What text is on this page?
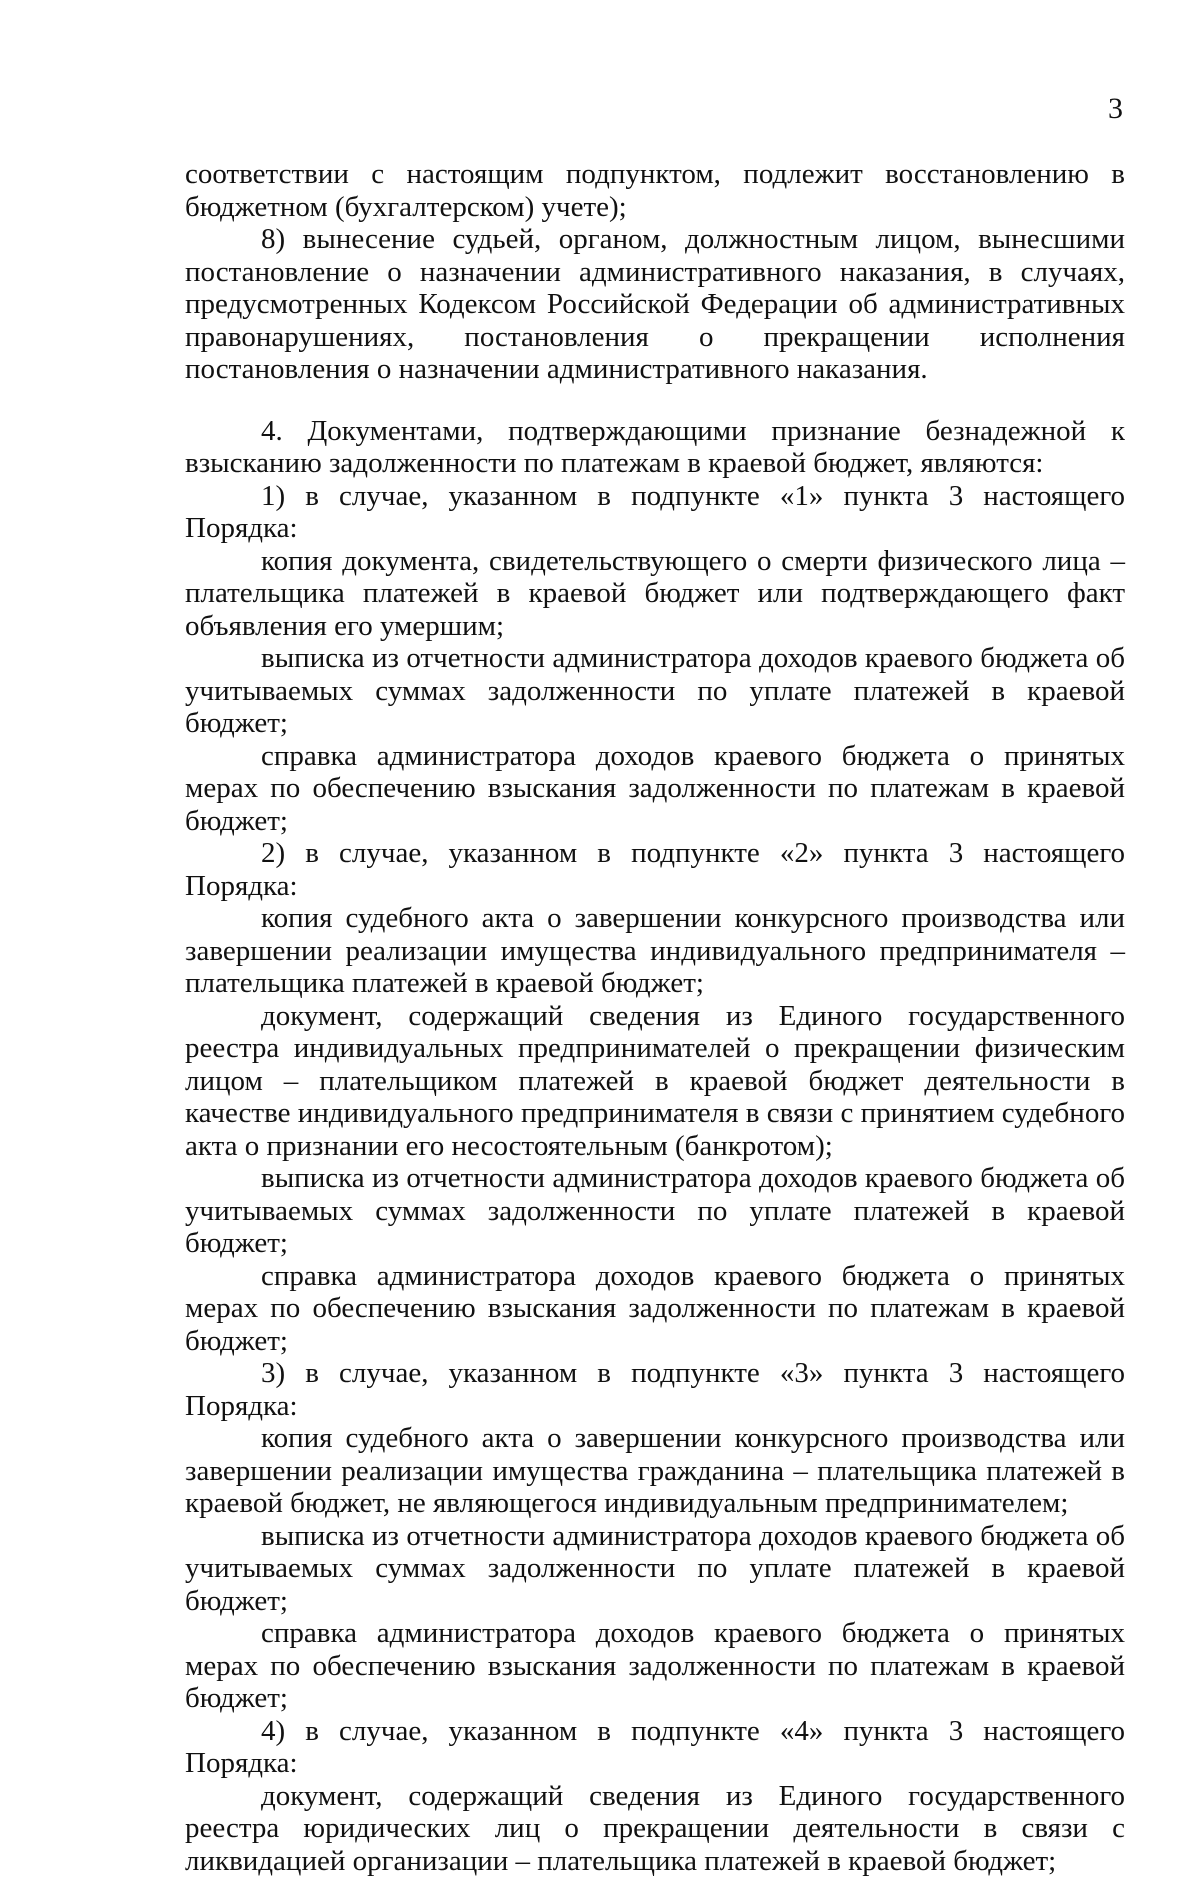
3

соответствии с настоящим подпунктом, подлежит восстановлению в бюджетном (бухгалтерском) учете);

8) вынесение судьей, органом, должностным лицом, вынесшими постановление о назначении административного наказания, в случаях, предусмотренных Кодексом Российской Федерации об административных правонарушениях, постановления о прекращении исполнения постановления о назначении административного наказания.

4. Документами, подтверждающими признание безнадежной к взысканию задолженности по платежам в краевой бюджет, являются:

1) в случае, указанном в подпункте «1» пункта 3 настоящего Порядка:

копия документа, свидетельствующего о смерти физического лица – плательщика платежей в краевой бюджет или подтверждающего факт объявления его умершим;

выписка из отчетности администратора доходов краевого бюджета об учитываемых суммах задолженности по уплате платежей в краевой бюджет;

справка администратора доходов краевого бюджета о принятых мерах по обеспечению взыскания задолженности по платежам в краевой бюджет;

2) в случае, указанном в подпункте «2» пункта 3 настоящего Порядка:

копия судебного акта о завершении конкурсного производства или завершении реализации имущества индивидуального предпринимателя – плательщика платежей в краевой бюджет;

документ, содержащий сведения из Единого государственного реестра индивидуальных предпринимателей о прекращении физическим лицом – плательщиком платежей в краевой бюджет деятельности в качестве индивидуального предпринимателя в связи с принятием судебного акта о признании его несостоятельным (банкротом);

выписка из отчетности администратора доходов краевого бюджета об учитываемых суммах задолженности по уплате платежей в краевой бюджет;

справка администратора доходов краевого бюджета о принятых мерах по обеспечению взыскания задолженности по платежам в краевой бюджет;

3) в случае, указанном в подпункте «3» пункта 3 настоящего Порядка:

копия судебного акта о завершении конкурсного производства или завершении реализации имущества гражданина – плательщика платежей в краевой бюджет, не являющегося индивидуальным предпринимателем;

выписка из отчетности администратора доходов краевого бюджета об учитываемых суммах задолженности по уплате платежей в краевой бюджет;

справка администратора доходов краевого бюджета о принятых мерах по обеспечению взыскания задолженности по платежам в краевой бюджет;

4) в случае, указанном в подпункте «4» пункта 3 настоящего Порядка:

документ, содержащий сведения из Единого государственного реестра юридических лиц о прекращении деятельности в связи с ликвидацией организации – плательщика платежей в краевой бюджет;
